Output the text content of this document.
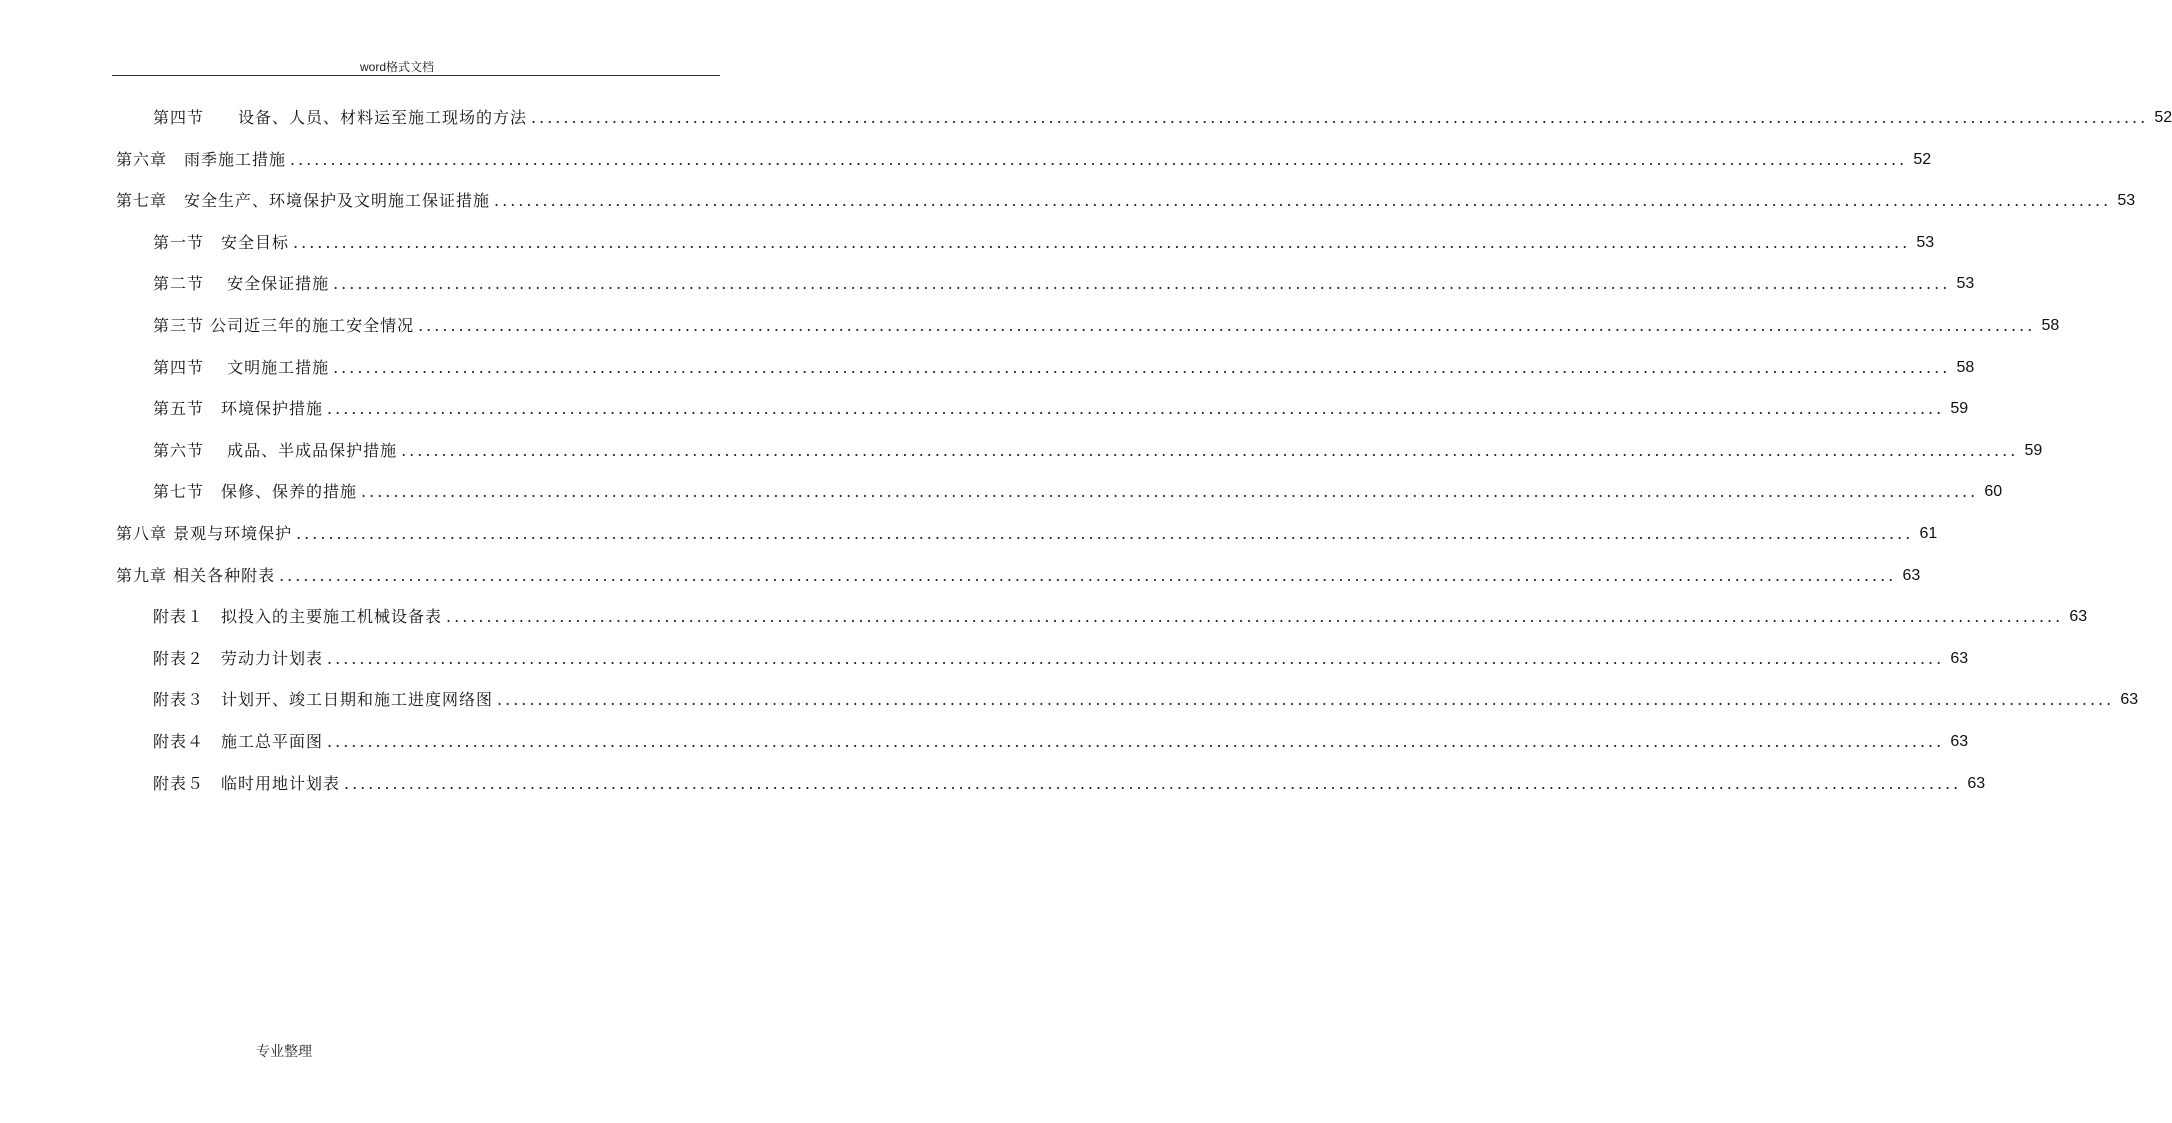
word格式文档
第四节　　设备、人员、材料运至施工现场的方法 ........................................................................................................................................................................................................ 52
第六章　雨季施工措施 ........................................................................................................................................................................................................ 52
第七章　安全生产、环境保护及文明施工保证措施 ........................................................................................................................................................................................................ 53
第一节　安全目标 ........................................................................................................................................................................................................ 53
第二节　 安全保证措施 ........................................................................................................................................................................................................ 53
第三节 公司近三年的施工安全情况 ........................................................................................................................................................................................................ 58
第四节　 文明施工措施 ........................................................................................................................................................................................................ 58
第五节　环境保护措施 ........................................................................................................................................................................................................ 59
第六节　 成品、半成品保护措施 ........................................................................................................................................................................................................ 59
第七节　保修、保养的措施 ........................................................................................................................................................................................................ 60
第八章 景观与环境保护 ........................................................................................................................................................................................................ 61
第九章 相关各种附表 ........................................................................................................................................................................................................ 63
附表１　拟投入的主要施工机械设备表 ........................................................................................................................................................................................................ 63
附表２　劳动力计划表 ........................................................................................................................................................................................................ 63
附表３　计划开、竣工日期和施工进度网络图 ........................................................................................................................................................................................................ 63
附表４　施工总平面图 ........................................................................................................................................................................................................ 63
附表５　临时用地计划表 ........................................................................................................................................................................................................ 63
专业整理
